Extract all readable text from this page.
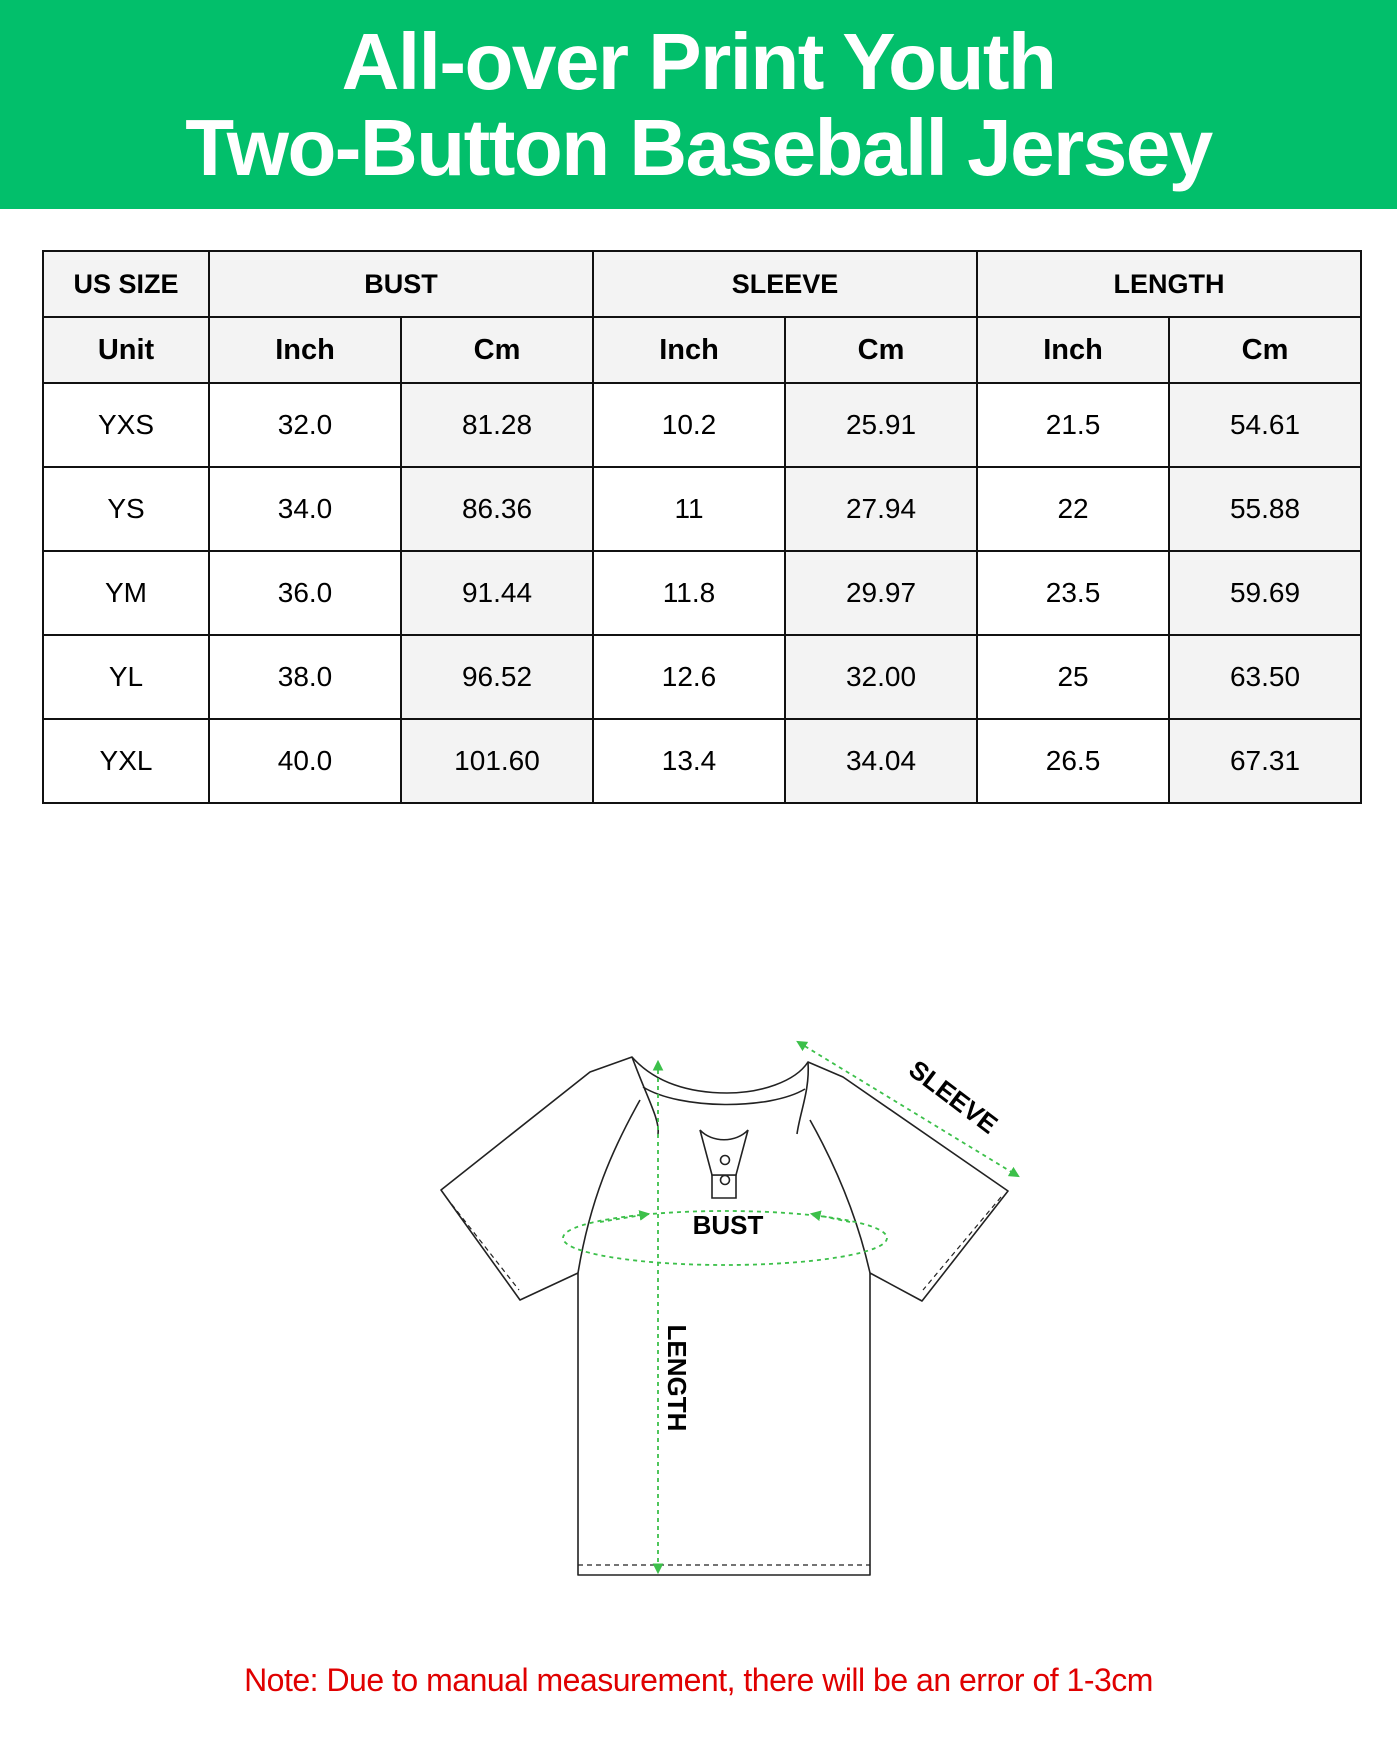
All-over Print Youth
Two-Button Baseball Jersey
US SIZE	BUST		SLEEVE		LENGTH	
Unit	Inch	Cm	Inch	Cm	Inch	Cm
YXS	32.0	81.28	10.2	25.91	21.5	54.61
YS	34.0	86.36	11	27.94	22	55.88
YM	36.0	91.44	11.8	29.97	23.5	59.69
YL	38.0	96.52	12.6	32.00	25	63.50
YXL	40.0	101.60	13.4	34.04	26.5	67.31
SLEEVE
BUST
LENGTH
Note: Due to manual measurement, there will be an error of 1-3cm
